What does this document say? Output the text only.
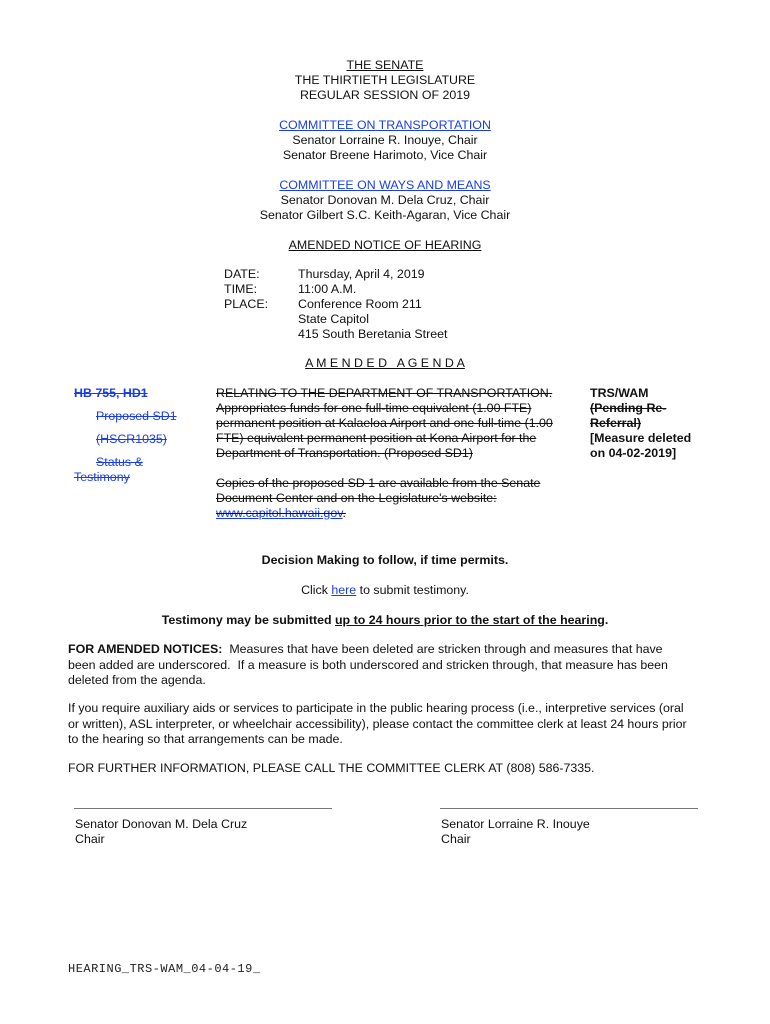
THE SENATE
THE THIRTIETH LEGISLATURE
REGULAR SESSION OF 2019
COMMITTEE ON TRANSPORTATION
Senator Lorraine R. Inouye, Chair
Senator Breene Harimoto, Vice Chair
COMMITTEE ON WAYS AND MEANS
Senator Donovan M. Dela Cruz, Chair
Senator Gilbert S.C. Keith-Agaran, Vice Chair
AMENDED NOTICE OF HEARING
DATE:	Thursday, April 4, 2019
TIME:	11:00 A.M.
PLACE: Conference Room 211
State Capitol
415 South Beretania Street
A M E N D E D   A G E N D A
HB 755, HD1
Proposed SD1
(HSCR1035)
Status &
Testimony
RELATING TO THE DEPARTMENT OF TRANSPORTATION.
Appropriates funds for one full-time equivalent (1.00 FTE)
permanent position at Kalaeloa Airport and one full-time (1.00
FTE) equivalent permanent position at Kona Airport for the
Department of Transportation. (Proposed SD1)
Copies of the proposed SD 1 are available from the Senate
Document Center and on the Legislature's website:
www.capitol.hawaii.gov.
TRS/WAM
(Pending Re-
Referral)
[Measure deleted
on 04-02-2019]
Decision Making to follow, if time permits.
Click here to submit testimony.
Testimony may be submitted up to 24 hours prior to the start of the hearing.
FOR AMENDED NOTICES:  Measures that have been deleted are stricken through and measures that have been added are underscored.  If a measure is both underscored and stricken through, that measure has been deleted from the agenda.
If you require auxiliary aids or services to participate in the public hearing process (i.e., interpretive services (oral or written), ASL interpreter, or wheelchair accessibility), please contact the committee clerk at least 24 hours prior to the hearing so that arrangements can be made.
FOR FURTHER INFORMATION, PLEASE CALL THE COMMITTEE CLERK AT (808) 586-7335.
Senator Donovan M. Dela Cruz
Chair
Senator Lorraine R. Inouye
Chair
HEARING_TRS-WAM_04-04-19_
